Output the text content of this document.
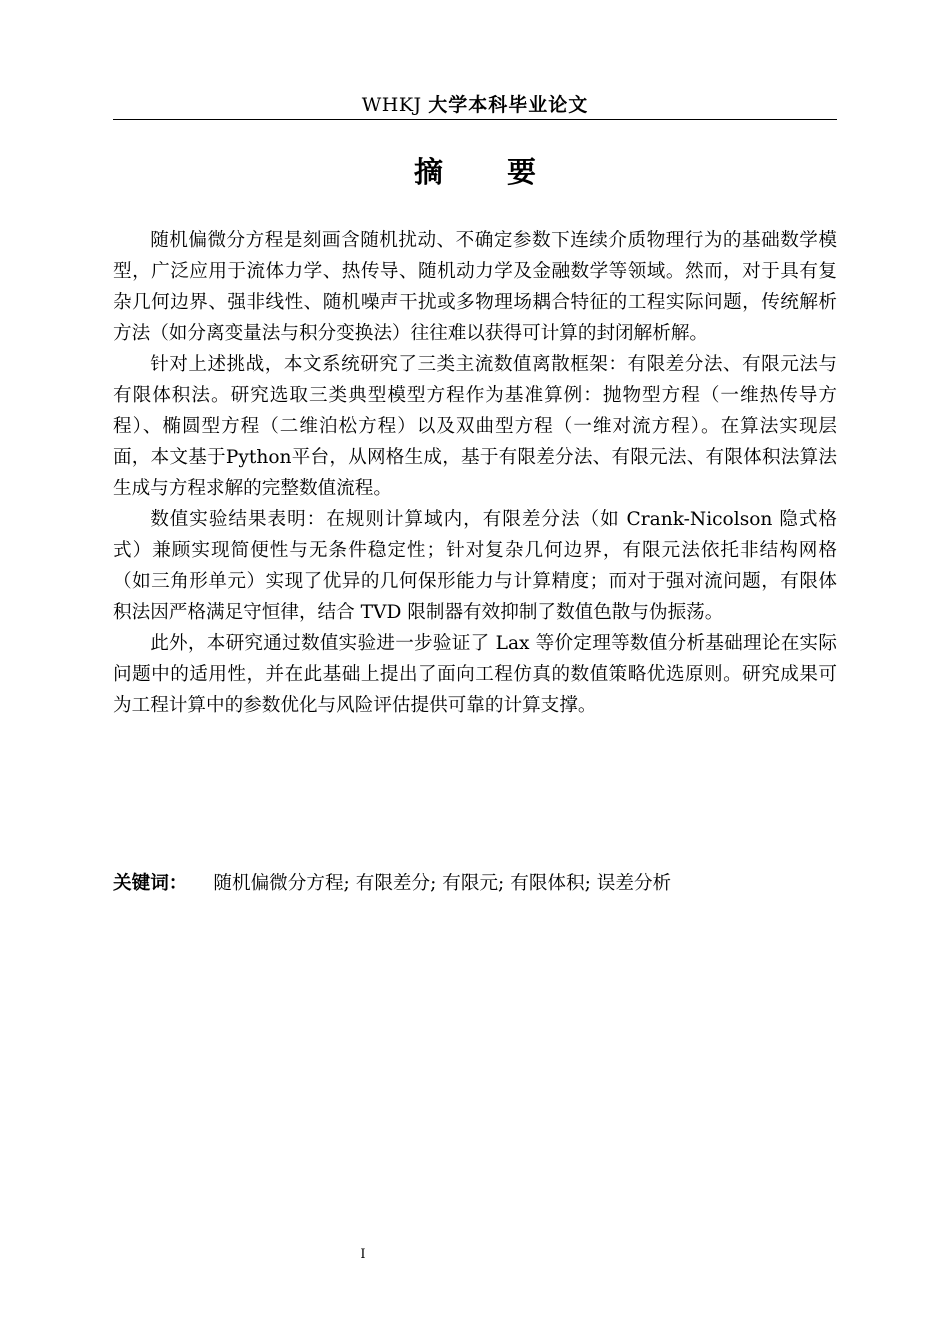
WHKJ 大学本科毕业论文
摘要

随机偏微分方程是刻画含随机扰动、不确定参数下连续介质物理行为的基础数学模型，广泛应用于流体力学、热传导、随机动力学及金融数学等领域。然而，对于具有复杂几何边界、强非线性、随机噪声干扰或多物理场耦合特征的工程实际问题，传统解析方法（如分离变量法与积分变换法）往往难以获得可计算的封闭解析解。

针对上述挑战，本文系统研究了三类主流数值离散框架：有限差分法、有限元法与有限体积法。研究选取三类典型模型方程作为基准算例：抛物型方程（一维热传导方程）、椭圆型方程（二维泊松方程）以及双曲型方程（一维对流方程）。在算法实现层面，本文基于Python平台，从网格生成，基于有限差分法、有限元法、有限体积法算法生成与方程求解的完整数值流程。

数值实验结果表明：在规则计算域内，有限差分法（如 Crank-Nicolson 隐式格式）兼顾实现简便性与无条件稳定性；针对复杂几何边界，有限元法依托非结构网格（如三角形单元）实现了优异的几何保形能力与计算精度；而对于强对流问题，有限体积法因严格满足守恒律，结合 TVD 限制器有效抑制了数值色散与伪振荡。

此外，本研究通过数值实验进一步验证了 Lax 等价定理等数值分析基础理论在实际问题中的适用性，并在此基础上提出了面向工程仿真的数值策略优选原则。研究成果可为工程计算中的参数优化与风险评估提供可靠的计算支撑。

关键词： 随机偏微分方程; 有限差分; 有限元; 有限体积; 误差分析
I
